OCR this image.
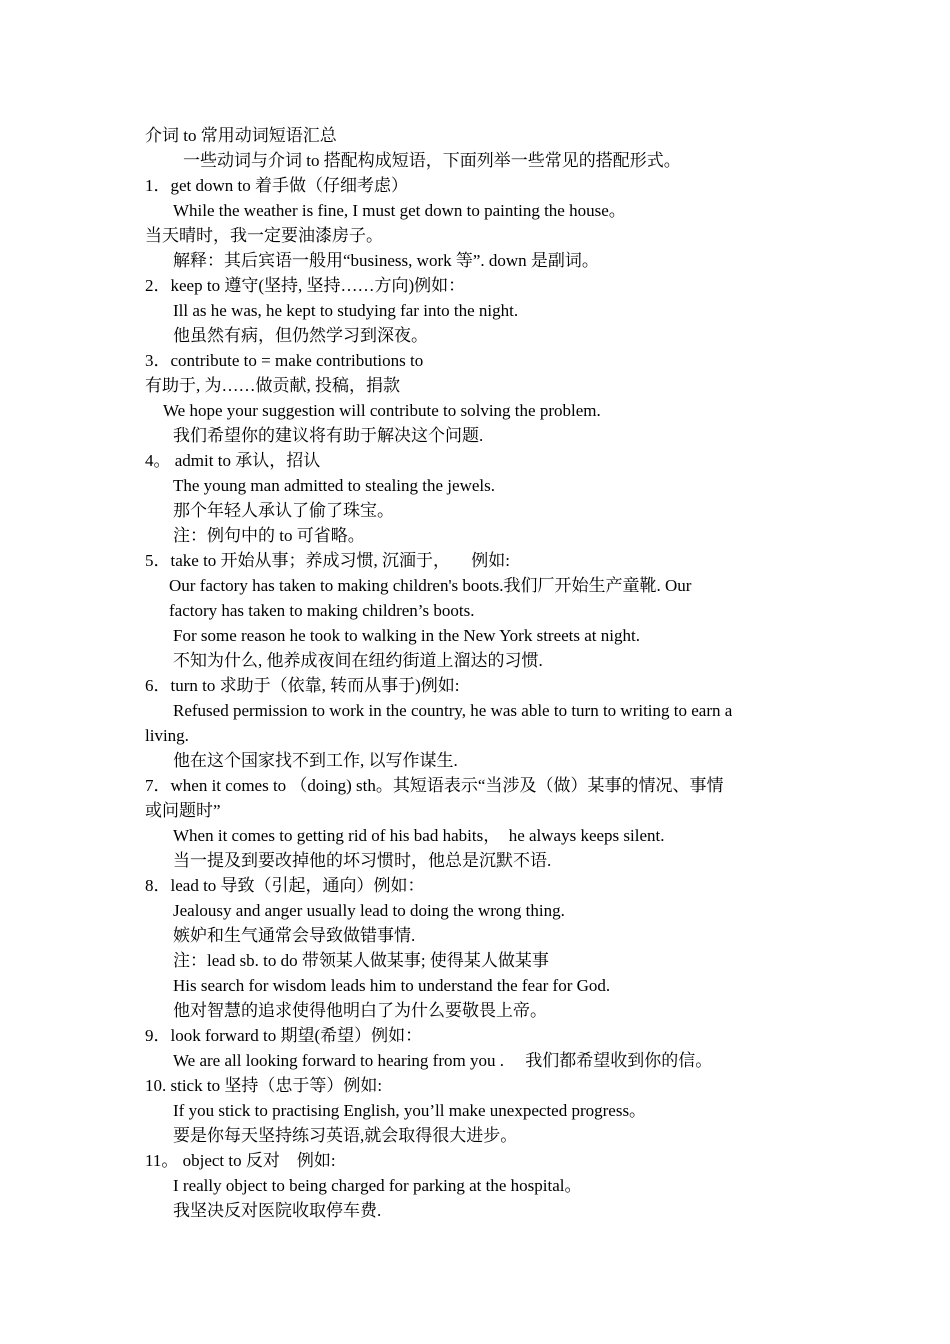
介词 to 常用动词短语汇总
一些动词与介词 to 搭配构成短语，下面列举一些常见的搭配形式。
1．get down to 着手做（仔细考虑）
While the weather is fine, I must get down to painting the house。
当天晴时，我一定要油漆房子。
解释：其后宾语一般用“business, work 等”. down 是副词。
2．keep to 遵守(坚持, 坚持……方向)例如：
Ill as he was, he kept to studying far into the night.
他虽然有病，但仍然学习到深夜。
3．contribute to = make contributions to
有助于, 为……做贡献, 投稿，捐款
We hope your suggestion will contribute to solving the problem.
我们希望你的建议将有助于解决这个问题.
4。 admit to 承认，招认
The young man admitted to stealing the jewels.
那个年轻人承认了偷了珠宝。
注：例句中的 to 可省略。
5．take to 开始从事；养成习惯, 沉湎于，     例如:
Our factory has taken to making children's boots.我们厂开始生产童靴. Our
factory has taken to making children’s boots.
For some reason he took to walking in the New York streets at night.
不知为什么, 他养成夜间在纽约街道上溜达的习惯.
6．turn to 求助于（依靠, 转而从事于)例如:
Refused permission to work in the country, he was able to turn to writing to earn a
living.
他在这个国家找不到工作, 以写作谋生.
7．when it comes to （doing) sth。其短语表示“当涉及（做）某事的情况、事情
或问题时”
When it comes to getting rid of his bad habits，  he always keeps silent.
当一提及到要改掉他的坏习惯时，他总是沉默不语.
8．lead to 导致（引起，通向）例如：
Jealousy and anger usually lead to doing the wrong thing.
嫉妒和生气通常会导致做错事情.
注：lead sb. to do 带领某人做某事; 使得某人做某事
His search for wisdom leads him to understand the fear for God.
他对智慧的追求使得他明白了为什么要敬畏上帝。
9．look forward to 期望(希望）例如：
We are all looking forward to hearing from you .     我们都希望收到你的信。
10. stick to 坚持（忠于等）例如:
If you stick to practising English, you’ll make unexpected progress。
要是你每天坚持练习英语,就会取得很大进步。
11。 object to 反对    例如:
I really object to being charged for parking at the hospital。
我坚决反对医院收取停车费.
